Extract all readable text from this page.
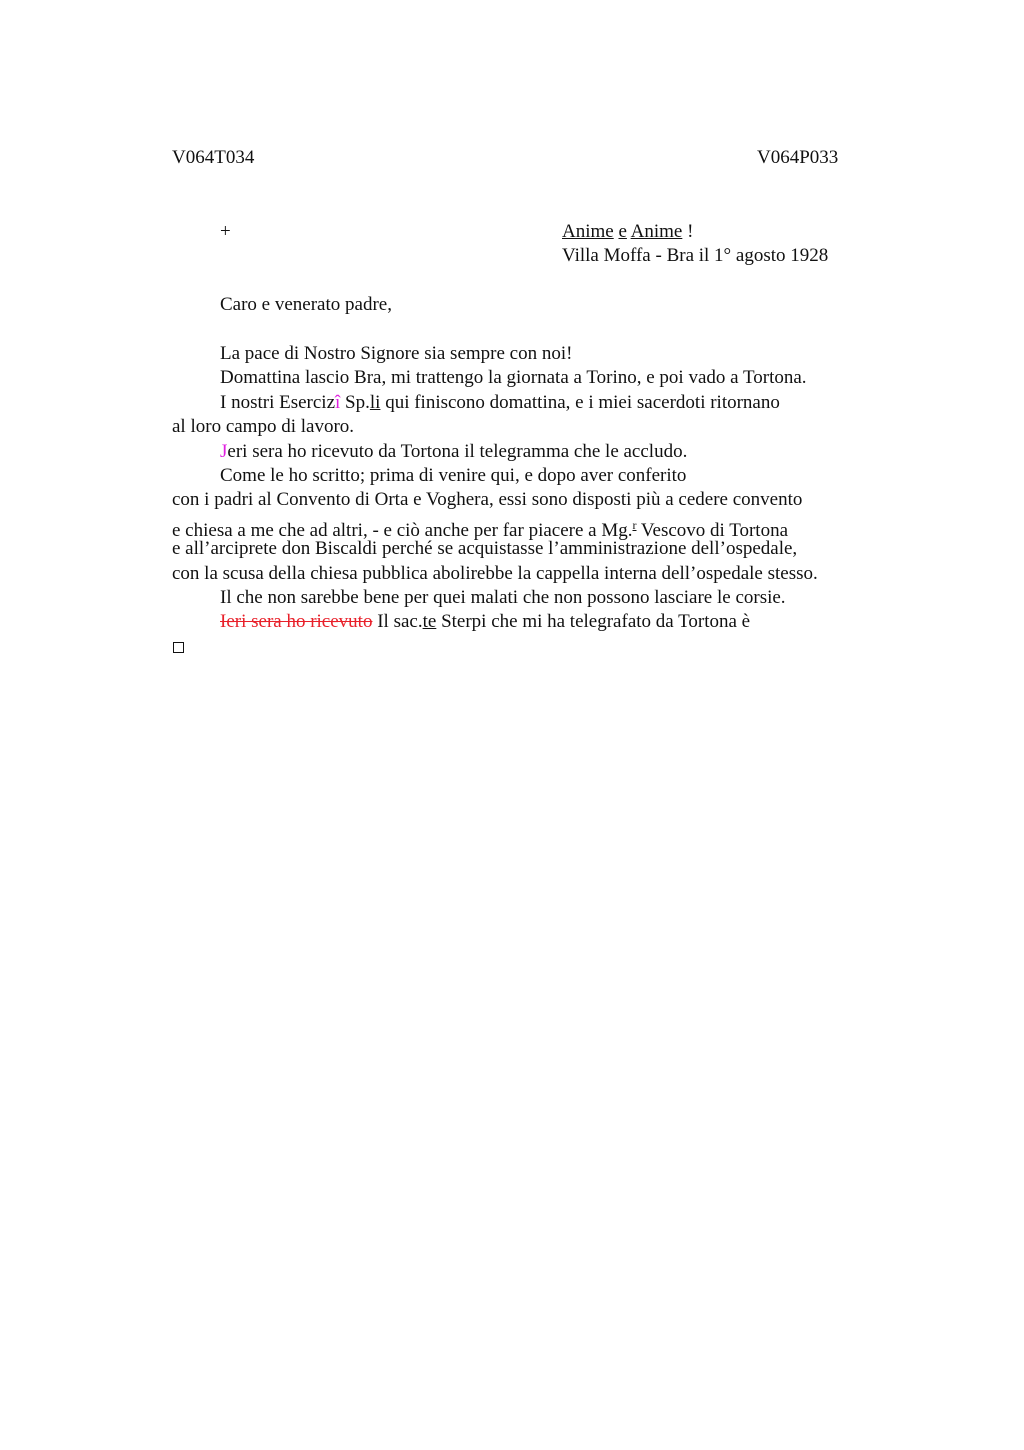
V064T034	V064P033
+	Anime e Anime !
Villa Moffa - Bra il 1° agosto 1928
Caro e venerato padre,
La pace di Nostro Signore sia sempre con noi!
Domattina lascio Bra, mi trattengo la giornata a Torino, e poi vado a Tortona.
I nostri Esercizî Sp.li qui finiscono domattina, e i miei sacerdoti ritornano
al loro campo di lavoro.
Jeri sera ho ricevuto da Tortona il telegramma che le accludo.
Come le ho scritto; prima di venire qui, e dopo aver conferito
con i padri al Convento di Orta e Voghera, essi sono disposti più a cedere convento
e chiesa a me che ad altri, - e ciò anche per far piacere a Mg.$^r$ Vescovo di Tortona
e all’arciprete don Biscaldi perché se acquistasse l’amministrazione dell’ospedale,
con la scusa della chiesa pubblica abolirebbe la cappella interna dell’ospedale stesso.
Il che non sarebbe bene per quei malati che non possono lasciare le corsie.
Ieri sera ho ricevuto Il sac.te Sterpi che mi ha telegrafato da Tortona è
